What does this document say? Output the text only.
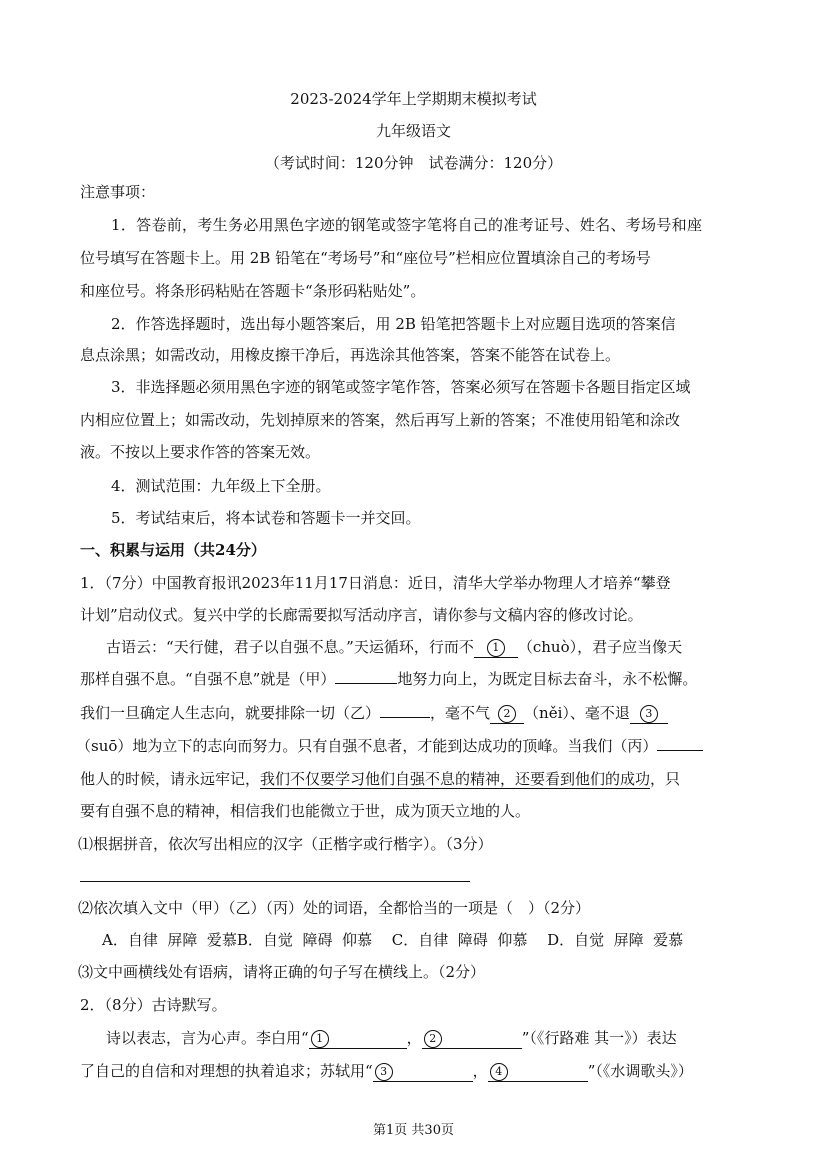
2023-2024学年上学期期末模拟考试
九年级语文
（考试时间：120分钟　试卷满分：120分）
注意事项：
1．答卷前，考生务必用黑色字迹的钢笔或签字笔将自己的准考证号、姓名、考场号和座
位号填写在答题卡上。用 2B 铅笔在“考场号”和“座位号”栏相应位置填涂自己的考场号
和座位号。将条形码粘贴在答题卡“条形码粘贴处”。
2．作答选择题时，选出每小题答案后，用 2B 铅笔把答题卡上对应题目选项的答案信
息点涂黑；如需改动，用橡皮擦干净后，再选涂其他答案，答案不能答在试卷上。
3．非选择题必须用黑色字迹的钢笔或签字笔作答，答案必须写在答题卡各题目指定区域
内相应位置上；如需改动，先划掉原来的答案，然后再写上新的答案；不准使用铅笔和涂改
液。不按以上要求作答的答案无效。
4．测试范围：九年级上下全册。
5．考试结束后，将本试卷和答题卡一并交回。
一、积累与运用（共24分）
1．（7分）中国教育报讯2023年11月17日消息：近日，清华大学举办物理人才培养“攀登
计划”启动仪式。复兴中学的长廊需要拟写活动序言，请你参与文稿内容的修改讨论。
古语云：“天行健，君子以自强不息。”天运循环，行而不 1 （chuò），君子应当像天
那样自强不息。“自强不息”就是（甲）	地努力向上，为既定目标去奋斗，永不松懈。
我们一旦确定人生志向，就要排除一切（乙）	，毫不气 2 （něi）、毫不退 3
（suō）地为立下的志向而努力。只有自强不息者，才能到达成功的顶峰。当我们（丙）
他人的时候，请永远牢记，我们不仅要学习他们自强不息的精神，还要看到他们的成功，只
要有自强不息的精神，相信我们也能微立于世，成为顶天立地的人。
⑴根据拼音，依次写出相应的汉字（正楷字或行楷字）。（3分）
⑵依次填入文中（甲）（乙）（丙）处的词语，全都恰当的一项是（　）（2分）
A．自律  屏障  爱慕B．自觉  障碍  仰慕　 C．自律  障碍  仰慕　 D．自觉  屏障  爱慕
⑶文中画横线处有语病，请将正确的句子写在横线上。（2分）
2．（8分）古诗默写。
诗以表志，言为心声。李白用“ 1	， 2	”（《行路难 其一》）表达
了自己的自信和对理想的执着追求；苏轼用“ 3	， 4	”（《水调歌头》）
第1页 共30页
